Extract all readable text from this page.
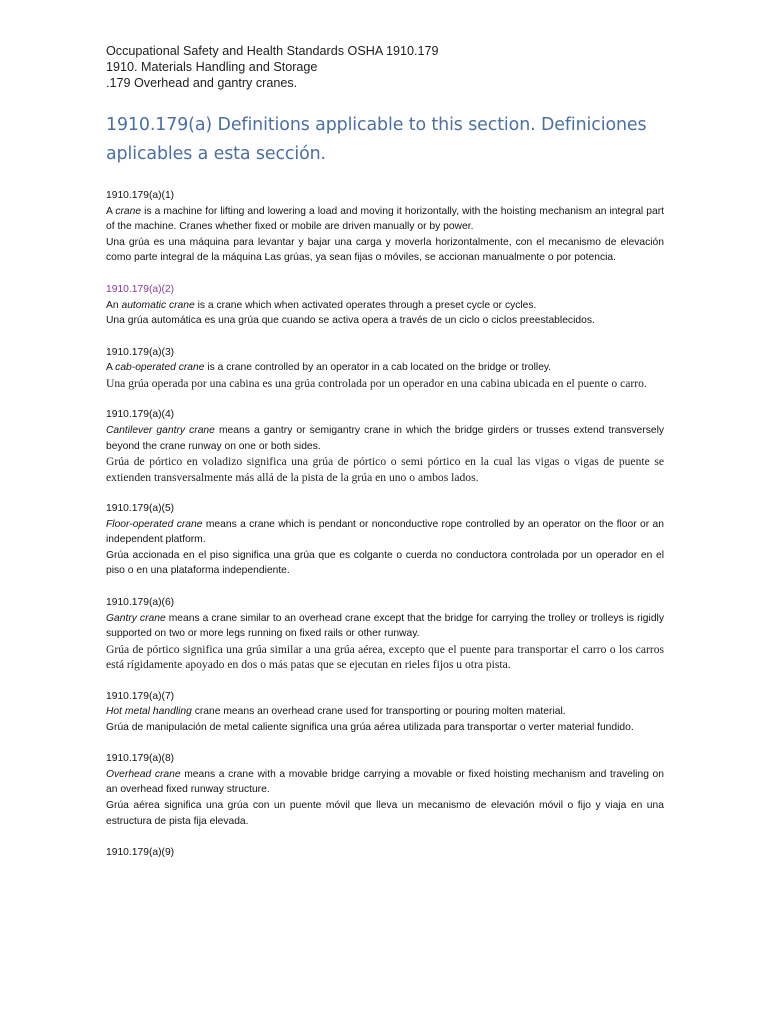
Occupational Safety and Health Standards OSHA 1910.179

1910. Materials Handling and Storage

.179 Overhead and gantry cranes.

1910.179(a) Definitions applicable to this section. Definiciones aplicables a esta sección.
1910.179(a)(1)
A crane is a machine for lifting and lowering a load and moving it horizontally, with the hoisting mechanism an integral part of the machine. Cranes whether fixed or mobile are driven manually or by power.
Una grúa es una máquina para levantar y bajar una carga y moverla horizontalmente, con el mecanismo de elevación como parte integral de la máquina Las grúas, ya sean fijas o móviles, se accionan manualmente o por potencia.
1910.179(a)(2)
An automatic crane is a crane which when activated operates through a preset cycle or cycles.
Una grúa automática es una grúa que cuando se activa opera a través de un ciclo o ciclos preestablecidos.
1910.179(a)(3)
A cab-operated crane is a crane controlled by an operator in a cab located on the bridge or trolley.
Una grúa operada por una cabina es una grúa controlada por un operador en una cabina ubicada en el puente o carro.
1910.179(a)(4)
Cantilever gantry crane means a gantry or semigantry crane in which the bridge girders or trusses extend transversely beyond the crane runway on one or both sides.
Grúa de pórtico en voladizo significa una grúa de pórtico o semi pórtico en la cual las vigas o vigas de puente se extienden transversalmente más allá de la pista de la grúa en uno o ambos lados.
1910.179(a)(5)
Floor-operated crane means a crane which is pendant or nonconductive rope controlled by an operator on the floor or an independent platform.
Grúa accionada en el piso significa una grúa que es colgante o cuerda no conductora controlada por un operador en el piso o en una plataforma independiente.
1910.179(a)(6)
Gantry crane means a crane similar to an overhead crane except that the bridge for carrying the trolley or trolleys is rigidly supported on two or more legs running on fixed rails or other runway.
Grúa de pórtico significa una grúa similar a una grúa aérea, excepto que el puente para transportar el carro o los carros está rígidamente apoyado en dos o más patas que se ejecutan en rieles fijos u otra pista.
1910.179(a)(7)
Hot metal handling crane means an overhead crane used for transporting or pouring molten material.
Grúa de manipulación de metal caliente significa una grúa aérea utilizada para transportar o verter material fundido.
1910.179(a)(8)
Overhead crane means a crane with a movable bridge carrying a movable or fixed hoisting mechanism and traveling on an overhead fixed runway structure.
Grúa aérea significa una grúa con un puente móvil que lleva un mecanismo de elevación móvil o fijo y viaja en una estructura de pista fija elevada.
1910.179(a)(9)
